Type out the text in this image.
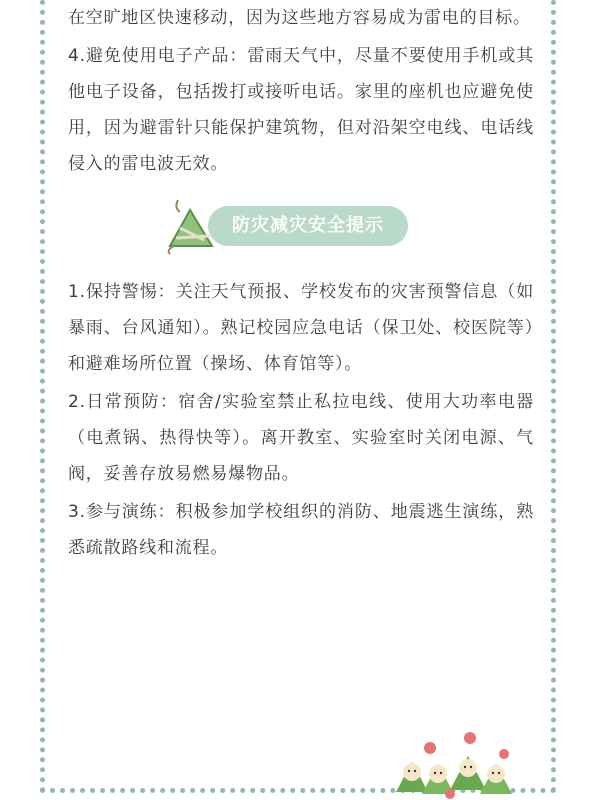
在空旷地区快速移动，因为这些地方容易成为雷电的目标。

4.避免使用电子产品：雷雨天气中，尽量不要使用手机或其他电子设备，包括拨打或接听电话。家里的座机也应避免使用，因为避雷针只能保护建筑物，但对沿架空电线、电话线侵入的雷电波无效。

防灾减灾安全提示

1.保持警惕：关注天气预报、学校发布的灾害预警信息（如暴雨、台风通知）。熟记校园应急电话（保卫处、校医院等）和避难场所位置（操场、体育馆等）。

2.日常预防：宿舍/实验室禁止私拉电线、使用大功率电器（电煮锅、热得快等）。离开教室、实验室时关闭电源、气阀，妥善存放易燃易爆物品。

3.参与演练：积极参加学校组织的消防、地震逃生演练，熟悉疏散路线和流程。
